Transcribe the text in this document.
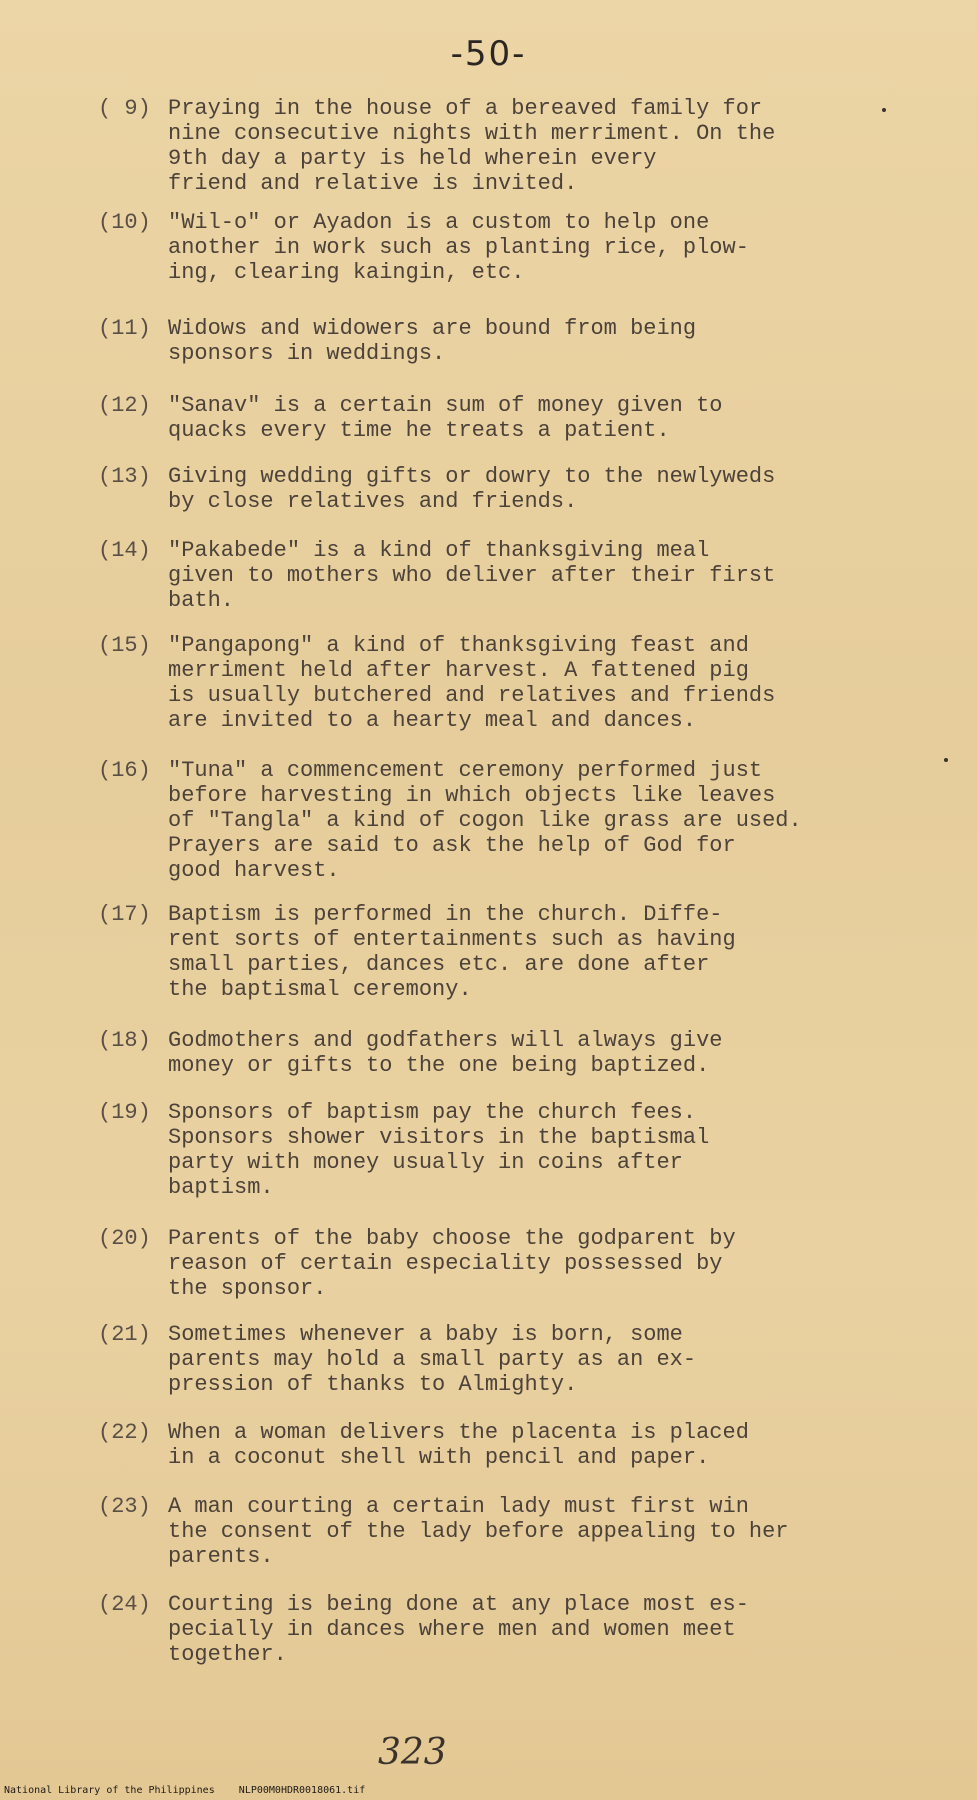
-50-
( 9) Praying in the house of a bereaved family for
nine consecutive nights with merriment. On the
9th day a party is held wherein every
friend and relative is invited.
(10) "Wil-o" or Ayadon is a custom to help one
another in work such as planting rice, plow-
ing, clearing kaingin, etc.
(11) Widows and widowers are bound from being
sponsors in weddings.
(12) "Sanav" is a certain sum of money given to
quacks every time he treats a patient.
(13) Giving wedding gifts or dowry to the newlyweds
by close relatives and friends.
(14) "Pakabede" is a kind of thanksgiving meal
given to mothers who deliver after their first
bath.
(15) "Pangapong" a kind of thanksgiving feast and
merriment held after harvest. A fattened pig
is usually butchered and relatives and friends
are invited to a hearty meal and dances.
(16) "Tuna" a commencement ceremony performed just
before harvesting in which objects like leaves
of "Tangla" a kind of cogon like grass are used.
Prayers are said to ask the help of God for
good harvest.
(17) Baptism is performed in the church. Diffe-
rent sorts of entertainments such as having
small parties, dances etc. are done after
the baptismal ceremony.
(18) Godmothers and godfathers will always give
money or gifts to the one being baptized.
(19) Sponsors of baptism pay the church fees.
Sponsors shower visitors in the baptismal
party with money usually in coins after
baptism.
(20) Parents of the baby choose the godparent by
reason of certain especiality possessed by
the sponsor.
(21) Sometimes whenever a baby is born, some
parents may hold a small party as an ex-
pression of thanks to Almighty.
(22) When a woman delivers the placenta is placed
in a coconut shell with pencil and paper.
(23) A man courting a certain lady must first win
the consent of the lady before appealing to her
parents.
(24) Courting is being done at any place most es-
pecially in dances where men and women meet
together.
323
National Library of the Philippines    NLP00M0HDR0018061.tif
